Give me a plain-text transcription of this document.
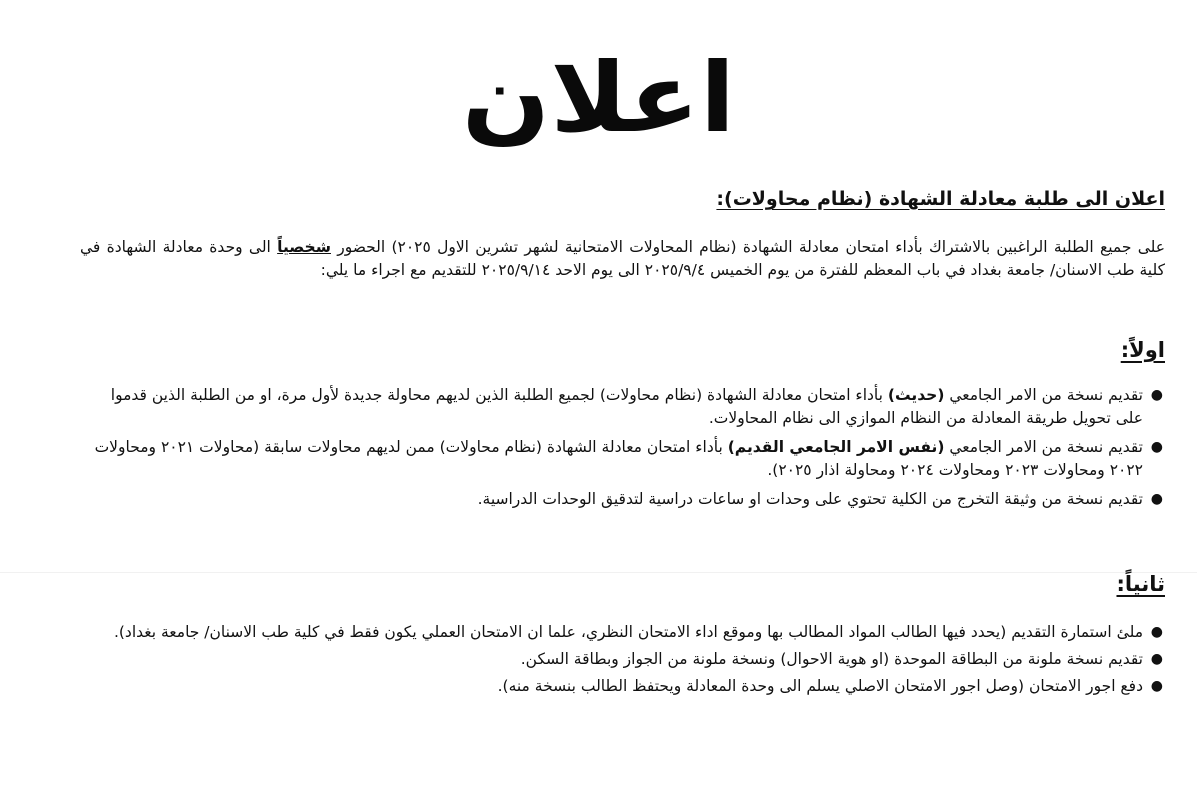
اعلان
اعلان الى طلبة معادلة الشهادة (نظام محاولات):
على جميع الطلبة الراغبين بالاشتراك بأداء امتحان معادلة الشهادة (نظام المحاولات الامتحانية لشهر تشرين الاول ٢٠٢٥) الحضور شخصياً الى وحدة معادلة الشهادة في كلية طب الاسنان/ جامعة بغداد في باب المعظم للفترة من يوم الخميس ٢٠٢٥/٩/٤ الى يوم الاحد ٢٠٢٥/٩/١٤ للتقديم مع اجراء ما يلي:
اولاً:
●
تقديم نسخة من الامر الجامعي (حديث) بأداء امتحان معادلة الشهادة (نظام محاولات) لجميع الطلبة الذين لديهم محاولة جديدة لأول مرة، او من الطلبة الذين قدموا على تحويل طريقة المعادلة من النظام الموازي الى نظام المحاولات.
●
تقديم نسخة من الامر الجامعي (نفس الامر الجامعي القديم) بأداء امتحان معادلة الشهادة (نظام محاولات) ممن لديهم محاولات سابقة (محاولات ٢٠٢١ ومحاولات ٢٠٢٢ ومحاولات ٢٠٢٣ ومحاولات ٢٠٢٤ ومحاولة اذار ٢٠٢٥).
●
تقديم نسخة من وثيقة التخرج من الكلية تحتوي على وحدات او ساعات دراسية لتدقيق الوحدات الدراسية.
ثانياً:
●
ملئ استمارة التقديم (يحدد فيها الطالب المواد المطالب بها وموقع اداء الامتحان النظري، علما ان الامتحان العملي يكون فقط في كلية طب الاسنان/ جامعة بغداد).
●
تقديم نسخة ملونة من البطاقة الموحدة (او هوية الاحوال) ونسخة ملونة من الجواز وبطاقة السكن.
●
دفع اجور الامتحان (وصل اجور الامتحان الاصلي يسلم الى وحدة المعادلة ويحتفظ الطالب بنسخة منه).
